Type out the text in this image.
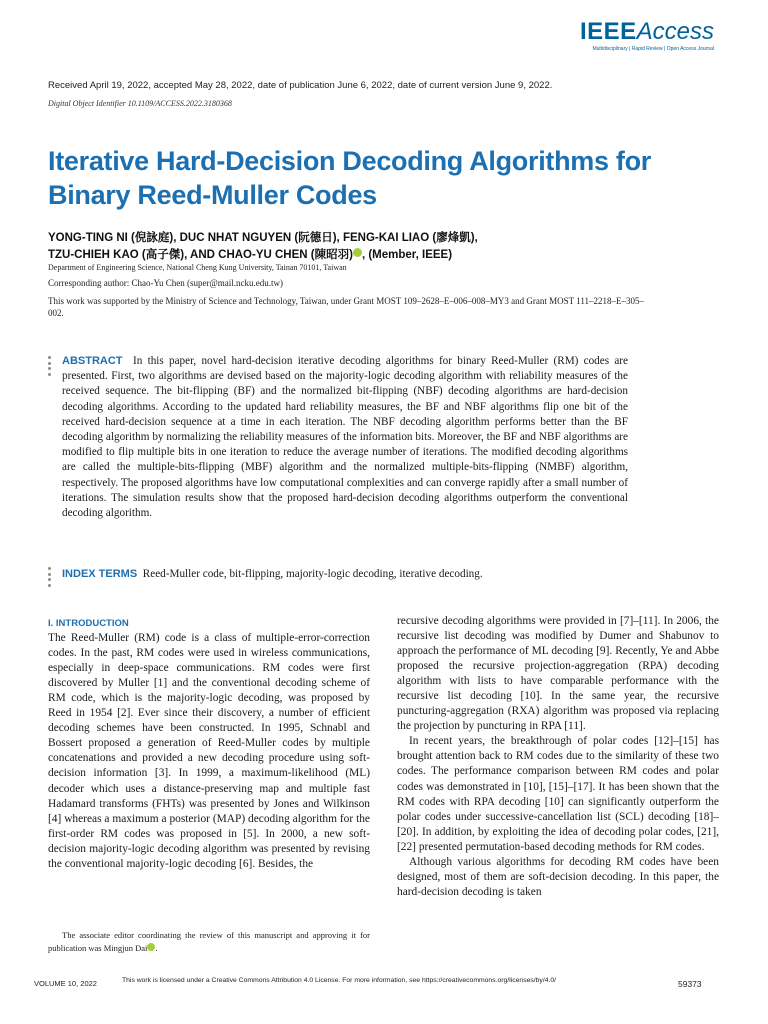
IEEEAccess
Multidisciplinary | Rapid Review | Open Access Journal
Received April 19, 2022, accepted May 28, 2022, date of publication June 6, 2022, date of current version June 9, 2022.
Digital Object Identifier 10.1109/ACCESS.2022.3180368
Iterative Hard-Decision Decoding Algorithms for
Binary Reed-Muller Codes
YONG-TING NI (倪詠庭), DUC NHAT NGUYEN (阮德日), FENG-KAI LIAO (廖烽凱),
TZU-CHIEH KAO (高子傑), AND CHAO-YU CHEN (陳昭羽) , (Member, IEEE)
Department of Engineering Science, National Cheng Kung University, Tainan 70101, Taiwan
Corresponding author: Chao-Yu Chen (super@mail.ncku.edu.tw)
This work was supported by the Ministry of Science and Technology, Taiwan, under Grant MOST 109–2628–E–006–008–MY3 and Grant MOST 111–2218–E–305–002.
ABSTRACT In this paper, novel hard-decision iterative decoding algorithms for binary Reed-Muller (RM) codes are presented. First, two algorithms are devised based on the majority-logic decoding algorithm with reliability measures of the received sequence. The bit-flipping (BF) and the normalized bit-flipping (NBF) decoding algorithms are hard-decision decoding algorithms. According to the updated hard reliability measures, the BF and NBF algorithms flip one bit of the received hard-decision sequence at a time in each iteration. The NBF decoding algorithm performs better than the BF decoding algorithm by normalizing the reliability measures of the information bits. Moreover, the BF and NBF algorithms are modified to flip multiple bits in one iteration to reduce the average number of iterations. The modified decoding algorithms are called the multiple-bits-flipping (MBF) algorithm and the normalized multiple-bits-flipping (NMBF) algorithm, respectively. The proposed algorithms have low computational complexities and can converge rapidly after a small number of iterations. The simulation results show that the proposed hard-decision decoding algorithms outperform the conventional decoding algorithm.
INDEX TERMS Reed-Muller code, bit-flipping, majority-logic decoding, iterative decoding.
I. INTRODUCTION

The Reed-Muller (RM) code is a class of multiple-error-correction codes. In the past, RM codes were used in wireless communications, especially in deep-space communications. RM codes were first discovered by Muller [1] and the conventional decoding scheme of RM code, which is the majority-logic decoding, was proposed by Reed in 1954 [2]. Ever since their discovery, a number of efficient decoding schemes have been constructed. In 1995, Schnabl and Bossert proposed a generation of Reed-Muller codes by multiple concatenations and provided a new decoding procedure using soft-decision information [3]. In 1999, a maximum-likelihood (ML) decoder which uses a distance-preserving map and multiple fast Hadamard transforms (FHTs) was presented by Jones and Wilkinson [4] whereas a maximum a posterior (MAP) decoding algorithm for the first-order RM codes was proposed in [5]. In 2000, a new soft-decision majority-logic decoding algorithm was presented by revising the conventional majority-logic decoding [6]. Besides, the

The associate editor coordinating the review of this manuscript and approving it for publication was Mingjun Dai .

recursive decoding algorithms were provided in [7]–[11]. In 2006, the recursive list decoding was modified by Dumer and Shabunov to approach the performance of ML decoding [9]. Recently, Ye and Abbe proposed the recursive projection-aggregation (RPA) decoding algorithm with lists to have comparable performance with the recursive list decoding [10]. In the same year, the recursive puncturing-aggregation (RXA) algorithm was proposed via replacing the projection by puncturing in RPA [11].

In recent years, the breakthrough of polar codes [12]–[15] has brought attention back to RM codes due to the similarity of these two codes. The performance comparison between RM codes and polar codes was demonstrated in [10], [15]–[17]. It has been shown that the RM codes with RPA decoding [10] can significantly outperform the polar codes under successive-cancellation list (SCL) decoding [18]–[20]. In addition, by exploiting the idea of decoding polar codes, [21], [22] presented permutation-based decoding methods for RM codes.

Although various algorithms for decoding RM codes have been designed, most of them are soft-decision decoding. In this paper, the hard-decision decoding is taken

VOLUME 10, 2022	This work is licensed under a Creative Commons Attribution 4.0 License. For more information, see https://creativecommons.org/licenses/by/4.0/	59373
